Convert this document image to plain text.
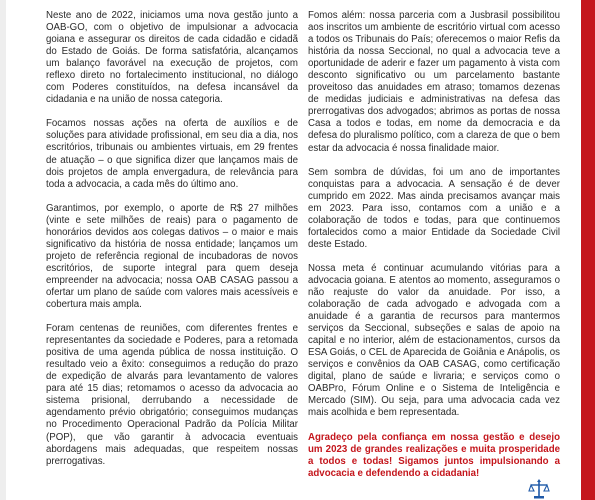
Neste ano de 2022, iniciamos uma nova gestão junto a OAB-GO, com o objetivo de impulsionar a advocacia goiana e assegurar os direitos de cada cidadão e cidadã do Estado de Goiás. De forma satisfatória, alcançamos um balanço favorável na execução de projetos, com reflexo direto no fortalecimento institucional, no diálogo com Poderes constituídos, na defesa incansável da cidadania e na união de nossa categoria.

Focamos nossas ações na oferta de auxílios e de soluções para atividade profissional, em seu dia a dia, nos escritórios, tribunais ou ambientes virtuais, em 29 frentes de atuação – o que significa dizer que lançamos mais de dois projetos de ampla envergadura, de relevância para toda a advocacia, a cada mês do último ano.

Garantimos, por exemplo, o aporte de R$ 27 milhões (vinte e sete milhões de reais) para o pagamento de honorários devidos aos colegas dativos – o maior e mais significativo da história de nossa entidade; lançamos um projeto de referência regional de incubadoras de novos escritórios, de suporte integral para quem deseja empreender na advocacia; nossa OAB CASAG passou a ofertar um plano de saúde com valores mais acessíveis e cobertura mais ampla.

Foram centenas de reuniões, com diferentes frentes e representantes da sociedade e Poderes, para a retomada positiva de uma agenda pública de nossa instituição. O resultado veio a êxito: conseguimos a redução do prazo de expedição de alvarás para levantamento de valores para até 15 dias; retomamos o acesso da advocacia ao sistema prisional, derrubando a necessidade de agendamento prévio obrigatório; conseguimos mudanças no Procedimento Operacional Padrão da Polícia Militar (POP), que vão garantir à advocacia eventuais abordagens mais adequadas, que respeitem nossas prerrogativas.

Fomos além: nossa parceria com a Jusbrasil possibilitou aos inscritos um ambiente de escritório virtual com acesso a todos os Tribunais do País; oferecemos o maior Refis da história da nossa Seccional, no qual a advocacia teve a oportunidade de aderir e fazer um pagamento à vista com desconto significativo ou um parcelamento bastante proveitoso das anuidades em atraso; tomamos dezenas de medidas judiciais e administrativas na defesa das prerrogativas dos advogados; abrimos as portas de nossa Casa a todos e todas, em nome da democracia e da defesa do pluralismo político, com a clareza de que o bem estar da advocacia é nossa finalidade maior.

Sem sombra de dúvidas, foi um ano de importantes conquistas para a advocacia. A sensação é de dever cumprido em 2022. Mas ainda precisamos avançar mais em 2023. Para isso, contamos com a união e a colaboração de todos e todas, para que continuemos fortalecidos como a maior Entidade da Sociedade Civil deste Estado.

Nossa meta é continuar acumulando vitórias para a advocacia goiana. E atentos ao momento, asseguramos o não reajuste do valor da anuidade. Por isso, a colaboração de cada advogado e advogada com a anuidade é a garantia de recursos para mantermos serviços da Seccional, subseções e salas de apoio na capital e no interior, além de estacionamentos, cursos da ESA Goiás, o CEL de Aparecida de Goiânia e Anápolis, os serviços e convênios da OAB CASAG, como certificação digital, plano de saúde e livraria; e serviços como o OABPro, Fórum Online e o Sistema de Inteligência e Mercado (SIM). Ou seja, para uma advocacia cada vez mais acolhida e bem representada.

Agradeço pela confiança em nossa gestão e desejo um 2023 de grandes realizações e muita prosperidade a todos e todas! Sigamos juntos impulsionando a advocacia e defendendo a cidadania!
